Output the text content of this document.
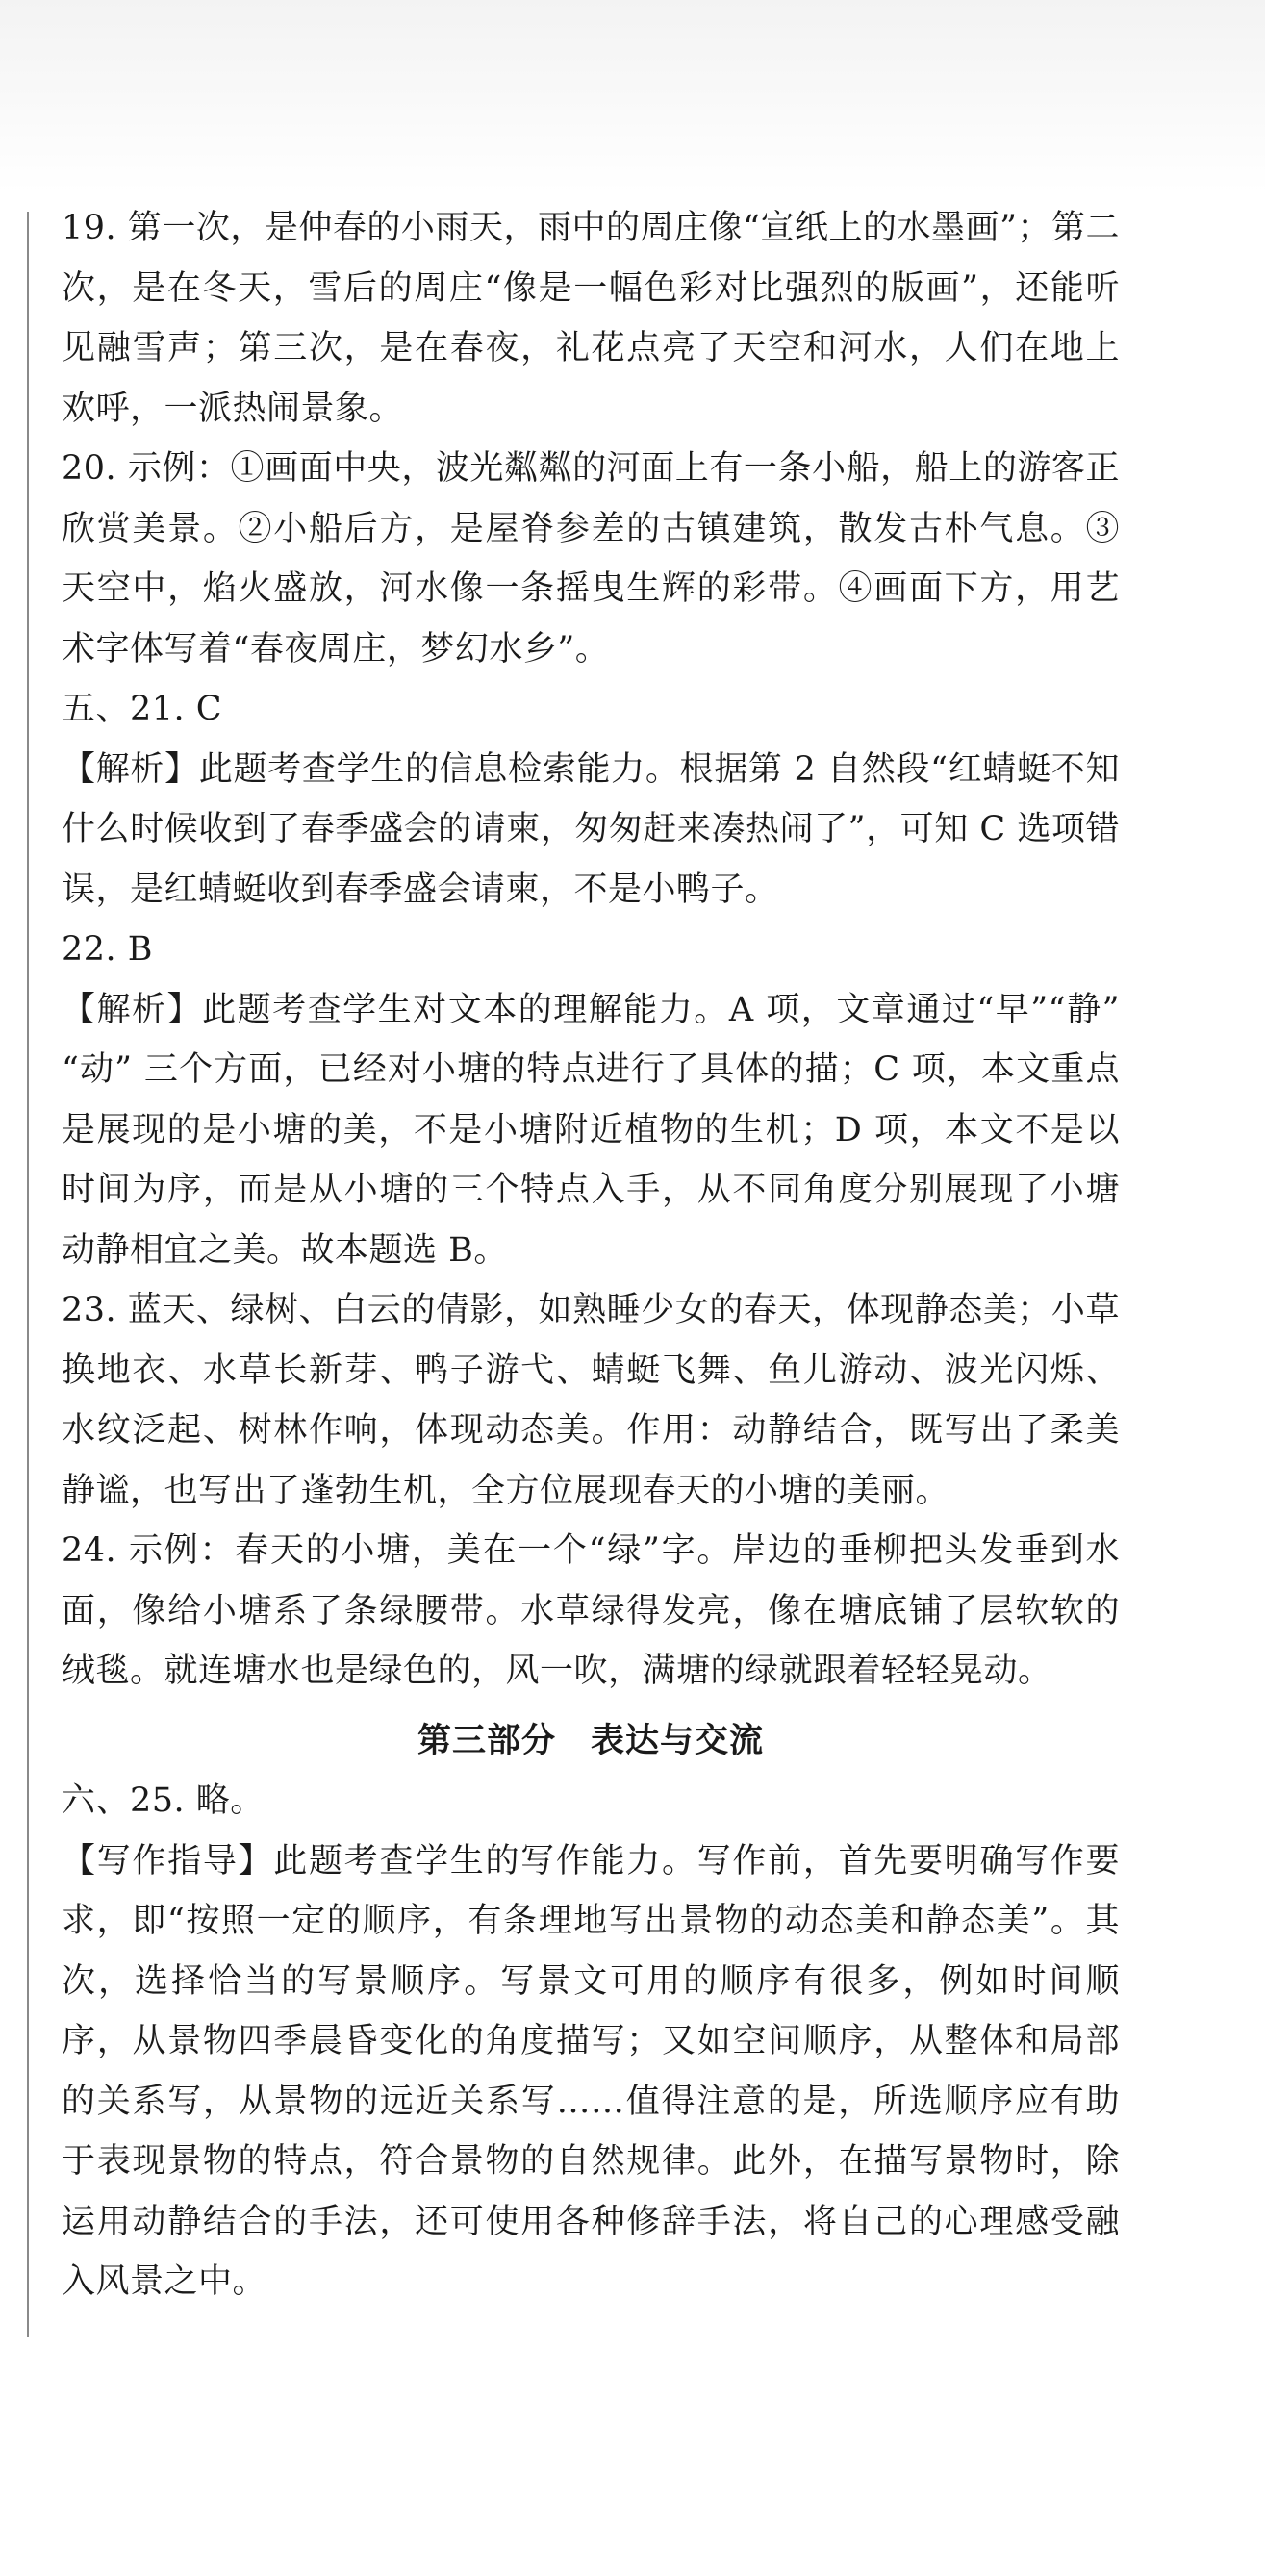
19. 第一次，是仲春的小雨天，雨中的周庄像“宣纸上的水墨画”；第二次，是在冬天，雪后的周庄“像是一幅色彩对比强烈的版画”，还能听见融雪声；第三次，是在春夜，礼花点亮了天空和河水，人们在地上欢呼，一派热闹景象。

20. 示例：①画面中央，波光粼粼的河面上有一条小船，船上的游客正欣赏美景。②小船后方，是屋脊参差的古镇建筑，散发古朴气息。③天空中，焰火盛放，河水像一条摇曳生辉的彩带。④画面下方，用艺术字体写着“春夜周庄，梦幻水乡”。

五、21. C

【解析】此题考查学生的信息检索能力。根据第 2 自然段“红蜻蜓不知什么时候收到了春季盛会的请柬，匆匆赶来凑热闹了”，可知 C 选项错误，是红蜻蜓收到春季盛会请柬，不是小鸭子。

22. B

【解析】此题考查学生对文本的理解能力。A 项，文章通过“早”“静” “动” 三个方面，已经对小塘的特点进行了具体的描；C 项，本文重点是展现的是小塘的美，不是小塘附近植物的生机；D 项，本文不是以时间为序，而是从小塘的三个特点入手，从不同角度分别展现了小塘动静相宜之美。故本题选 B。

23. 蓝天、绿树、白云的倩影，如熟睡少女的春天，体现静态美；小草换地衣、水草长新芽、鸭子游弋、蜻蜓飞舞、鱼儿游动、波光闪烁、水纹泛起、树林作响，体现动态美。作用：动静结合，既写出了柔美静谧，也写出了蓬勃生机，全方位展现春天的小塘的美丽。

24. 示例：春天的小塘，美在一个“绿”字。岸边的垂柳把头发垂到水面，像给小塘系了条绿腰带。水草绿得发亮，像在塘底铺了层软软的绒毯。就连塘水也是绿色的，风一吹，满塘的绿就跟着轻轻晃动。

第三部分 表达与交流

六、25. 略。

【写作指导】此题考查学生的写作能力。写作前，首先要明确写作要求，即“按照一定的顺序，有条理地写出景物的动态美和静态美”。其次，选择恰当的写景顺序。写景文可用的顺序有很多，例如时间顺序，从景物四季晨昏变化的角度描写；又如空间顺序，从整体和局部的关系写，从景物的远近关系写……值得注意的是，所选顺序应有助于表现景物的特点，符合景物的自然规律。此外，在描写景物时，除运用动静结合的手法，还可使用各种修辞手法，将自己的心理感受融入风景之中。
